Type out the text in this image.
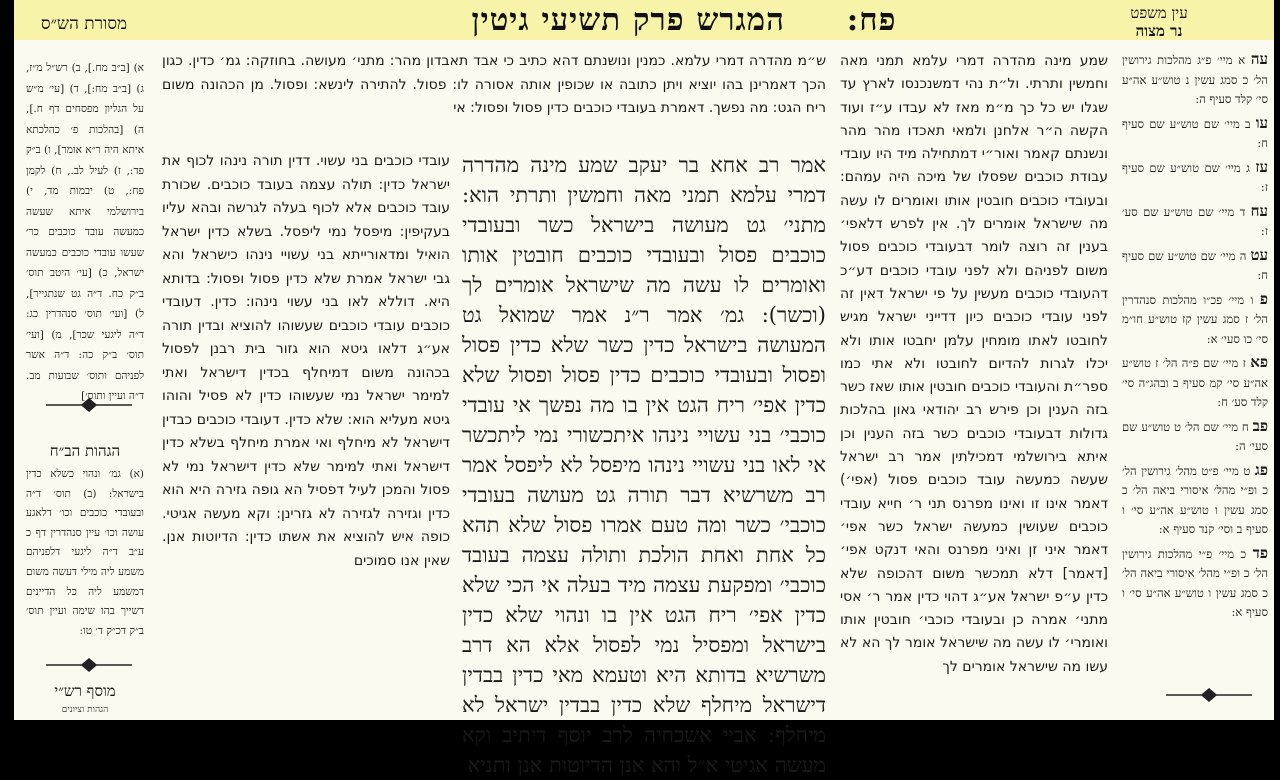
פח: המגרש פרק תשיעי גיטין	עין משפט
נר מצוה
מסורת הש״ס
עה א מיי׳ פ״ג מהלכות גירושין הל׳ כ סמג עשין נ טוש״ע אה״ע סי׳ קלד סעיף ה:
עו ב מיי׳ שם טוש״ע שם סעיף ח:
עז ג מיי׳ שם טוש״ע שם סעיף ז:
עח ד מיי׳ שם טוש״ע שם סע׳ ז:
עט ה מיי׳ שם טוש״ע שם סעיף ח:
פ ו מיי׳ פכ״ו מהלכות סנהדרין הל׳ ז סמג עשין קז טוש״ע חו״מ סי׳ כו סעי׳ א:
פא ז מיי׳ שם פ״ה הל׳ ז טוש״ע אה״ע סי׳ קמ סעיף ב ובהג״ה סי׳ קלד סע׳ ח:
פב ח מיי׳ שם הל׳ ט טוש״ע שם סעי׳ ה:
פג ט מיי׳ פ״ט מהל׳ גירושין הל׳ כ ופ״י מהל׳ איסורי ביאה הל׳ כ סמג עשין ו טוש״ע אה״ע סי׳ ו סעיף ב וסי׳ קנד סעיף א:
פד כ מיי׳ פ״י מהלכות גירושין הל׳ כ ופ״י מהל׳ איסורי ביאה הל׳ כ סמג עשין ו טוש״ע אה״ע סי׳ ו סעיף א:

שמע מינה מהדרה דמרי עלמא תמני מאה וחמשין ותרתי. ול״ת נהי דמשנכנסו לארץ עד שגלו יש כל כך מ״מ מאז לא עבדו ע״ז ועוד הקשה ה״ר אלחנן ולמאי תאכדו מהר מהר ונשנתם קאמר ואור״י דמתחילה מיד היו עובדי עבודת כוכבים שפסלו של מיכה היה עמהם: ובעובדי כוכבים חובטין אותו ואומרים לו עשה מה שישראל אומרים לך. אין לפרש דלאפי׳ בענין זה רוצה לומר דבעובדי כוכבים פסול משום לפניהם ולא לפני עובדי כוכבים דע״כ דהעובדי כוכבים מעשין על פי ישראל דאין זה לפני עובדי כוכבים כיון דדייני ישראל מגיש לחובטו לאתו מומחין עלמן יחבטו אותו ולא יכלו לגרות להדיום לחובטו ולא אתי כמו ספר״ת והעובדי כוכבים חובטין אותו שאז כשר בזה הענין וכן פירש רב יהודאי גאון בהלכות גדולות דבעובדי כוכבים כשר בזה הענין וכן איתא בירושלמי דמכילתין אמר רב ישראל שעשה כמעשה עובד כוכבים פסול (אפי׳) דאמר אינו זו ואינו מפרנס תני ר׳ חייא עובדי כוכבים שעושין כמעשה ישראל כשר אפי׳ דאמר איני זן ואיני מפרנס והאי דנקט אפי׳ [דאמר] דלא תמכשר משום דהכופה שלא כדין ע״פ ישראל אע״ג דהוי כדין אמר ר׳ אסי מתני׳ אמרה כן ובעובדי כוכבי׳ חובטין אותו ואומרי׳ לו עשה מה שישראל אומר לך הא לא עשו מה שישראל אומרים לך

ש״מ מהדרה דמרי עלמא. כמנין ונושנתם דהא כתיב כי אבד תאבדון מהר: מתני׳ מעושה. בחוזקה: גמ׳ כדין. כגון הכך דאמרינן בהו יוציא ויתן כתובה או שכופין אותה אסורה לו: פסול. להתירה לינשא: ופסול. מן הכהונה משום ריח הגט: מה נפשך. דאמרת בעובדי כוכבים כדין פסול ופסול: אי

אמר רב אחא בר יעקב שמע מינה מהדרה דמרי עלמא תמני מאה וחמשין ותרתי הוא: מתני׳ גט מעושה בישראל כשר ובעובדי כוכבים פסול ובעובדי כוכבים חובטין אותו ואומרים לו עשה מה שישראל אומרים לך (וכשר): גמ׳ אמר ר״נ אמר שמואל גט המעושה בישראל כדין כשר שלא כדין פסול ופסול ובעובדי כוכבים כדין פסול ופסול שלא כדין אפי׳ ריח הגט אין בו מה נפשך אי עובדי כוכבי׳ בני עשויי נינהו איתכשורי נמי ליתכשר אי לאו בני עשויי נינהו מיפסל לא ליפסל אמר רב משרשיא דבר תורה גט מעושה בעובדי כוכבי׳ כשר ומה טעם אמרו פסול שלא תהא כל אחת ואחת הולכת ותולה עצמה בעובד כוכבי׳ ומפקעת עצמה מיד בעלה אי הכי שלא כדין אפי׳ ריח הגט אין בו ונהוי שלא כדין בישראל ומפסיל נמי לפסול אלא הא דרב משרשיא בדותא היא וטעמא מאי כדין בבדין דישראל מיחלף שלא כדין בבדין ישראל לא מיחלף: אביי אשכחיה לרב יוסף דיתיב וקא מעשה אגיטי א״ל והא אנן הדיוטות אנן ותניא

עובדי כוכבים בני עשוי. דדין תורה נינהו לכוף את ישראל כדין: תולה עצמה בעובד כוכבים. שכורת עובד כוכבים אלא לכוף בעלה לגרשה ובהא עליו בעקיפין: מיפסל נמי ליפסל. בשלא כדין ישראל הואיל ומדאורייתא בני עשויי נינהו כישראל והא גבי ישראל אמרת שלא כדין פסול ופסול: בדותא היא. דוללא לאו בני עשוי נינהו: כדין. דעובדי כוכבים עובדי כוכבים שעשוהו להוציא ובדין תורה אע״ג דלאו גיטא הוא גזור בית רבנן לפסול בכהונה משום דמיחלף בכדין דישראל ואתי למימר ישראל נמי שעשוהו כדין לא פסיל והוהו גיטא מעליא הוא: שלא כדין. דעובדי כוכבים כבדין דישראל לא מיחלף ואי אמרת מיחלף בשלא כדין דישראל ואתי למימר שלא כדין דישראל נמי לא פסול והמכן לעיל דפסיל הא גופה גזירה היא הוא כדין וגזירה לגזירה לא גזרינן: וקא מעשה אגיטי. כופה איש להוציא את אשתו כדין: הדיוטות אנן. שאין אנו סמוכים

א) [ב״ב מח.], ב) רש״ל מ״ז, ג) [ב״ב מח:], ד) [עי׳ מ״ש על הגליון מפסחים דף ח.], ה) [בהלכות פ׳ כהלכתא איתא היה ר״א אומר], ו) ב״ק פד:, ז) לעיל לב., ח) לקמן פח:, ט) יבמות מד, י) בירושלמי איתא שעשה כמעשה עובד כוכבים כר׳ שעשו עובדי כוכבים כמעשה ישראל, כ) [עי׳ היטב תוס׳ ב״ק כח. ד״ה גט שנתגייר], ל) [ועי׳ תוס׳ סנהדרין כג: ד״ה ליגעי שכר], מ) [ועי׳ תוס׳ ב״ק כה: ד״ה אשר לפניהם ותוס׳ שבועות מב. ד״ה ועיין ותוס׳]

הגהות הב״ח

(א) גמ׳ ונהוי כשלא כדין בישראל: (ב) תוס׳ ד״ה ובעובדי כוכבים וכו׳ דלאגע עושה וכו׳ עיין סנהדרין דף כ ע״ב ד״ה ליגעי דלפניהם משמע ליה מילי דעשה משום דמשמע ליה כל הדיינים דשייך בהו שימה ועיין תוס׳ ב״ק דכ״ק ד׳ טו:

מוסף רש״י
הגהות וציונים
